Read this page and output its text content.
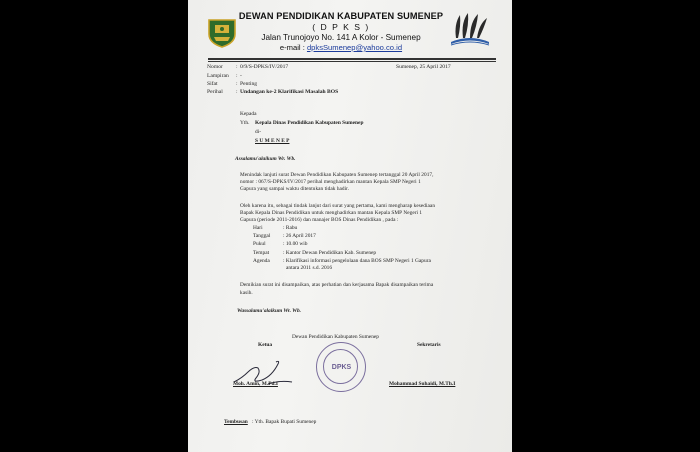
DEWAN PENDIDIKAN KABUPATEN SUMENEP
( D P K S )
Jalan Trunojoyo No. 141 A Kolor - Sumenep
e-mail : dpksSumenep@yahoo.co.id
Nomor : 0/9/S-DPKS/IV/2017	Sumenep, 25 April 2017
Lampiran : -
Sifat	: Penting
Perihal : Undangan ke-2 Klarifikasi Masalah BOS
Kepada
Yth. Kepala Dinas Pendidikan Kabupaten Sumenep
di-
S U M E N E P
Assalamu'alaikum Wr. Wb.
Menindak lanjuti surat Dewan Pendidikan Kabupaten Sumenep tertanggal 20 April 2017,
nomor : 067/S-DPKS/IV/2017 perihal menghadirkan mantan Kepala SMP Negeri 1
Gapura yang sampai waktu ditentukan tidak hadir.
Oleh karena itu, sebagai tindak lanjut dari surat yang pertama, kami mengharap kesediaan
Bapak Kepala Dinas Pendidikan untuk menghadirkan mantan Kepala SMP Negeri 1
Gapura (periode 2011-2016) dan manajer BOS Dinas Pendidikan , pada :
Hari	: Rabu
Tanggal : 26 April 2017
Pukul	: 10.00 wib
Tempat	: Kantor Dewan Pendidikan Kab. Sumenep
Agenda : Klarifikasi informasi pengelolaan dana BOS SMP Negeri 1 Gapura
antara 2011 s.d. 2016
Demikian surat ini disampaikan, atas perhatian dan kerjasama Bapak disampaikan terima
kasih.
Wassalamu'alaikum Wr. Wb.
Dewan Pendidikan Kabupaten Sumenep
Ketua	Sekretaris
DPKS
Moh. Amin, M.Pd.I	Mohammad Suhaidi, M.Th.I
Tembusan : Yth. Bapak Bupati Sumenep
